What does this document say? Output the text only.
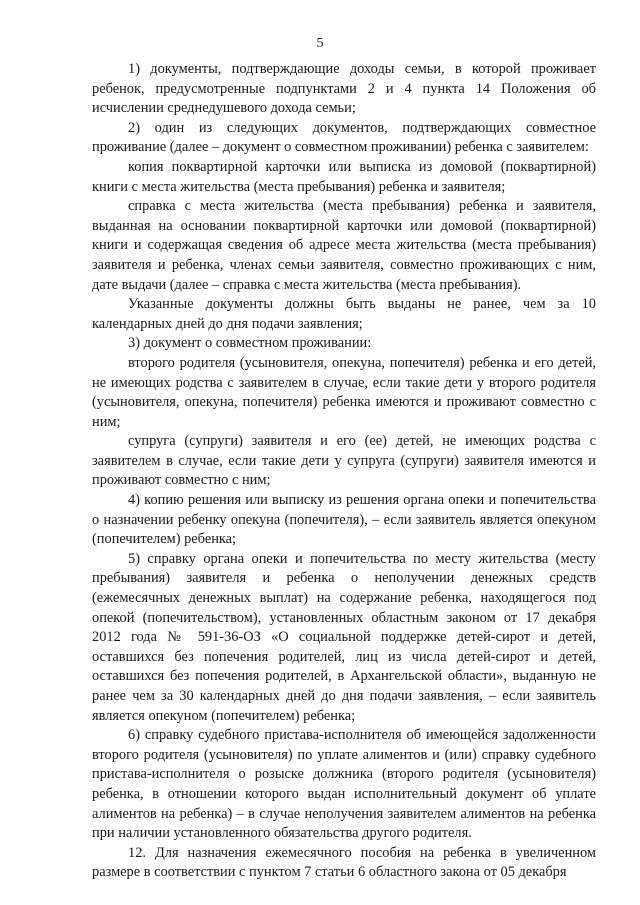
5

1) документы, подтверждающие доходы семьи, в которой проживает ребенок, предусмотренные подпунктами 2 и 4 пункта 14 Положения об исчислении среднедушевого дохода семьи;

2) один из следующих документов, подтверждающих совместное проживание (далее – документ о совместном проживании) ребенка с заявителем:

копия поквартирной карточки или выписка из домовой (поквартирной) книги с места жительства (места пребывания) ребенка и заявителя;

справка с места жительства (места пребывания) ребенка и заявителя, выданная на основании поквартирной карточки или домовой (поквартирной) книги и содержащая сведения об адресе места жительства (места пребывания) заявителя и ребенка, членах семьи заявителя, совместно проживающих с ним, дате выдачи (далее – справка с места жительства (места пребывания).

Указанные документы должны быть выданы не ранее, чем за 10 календарных дней до дня подачи заявления;

3) документ о совместном проживании:

второго родителя (усыновителя, опекуна, попечителя) ребенка и его детей, не имеющих родства с заявителем в случае, если такие дети у второго родителя (усыновителя, опекуна, попечителя) ребенка имеются и проживают совместно с ним;

супруга (супруги) заявителя и его (ее) детей, не имеющих родства с заявителем в случае, если такие дети у супруга (супруги) заявителя имеются и проживают совместно с ним;

4) копию решения или выписку из решения органа опеки и попечительства о назначении ребенку опекуна (попечителя), – если заявитель является опекуном (попечителем) ребенка;

5) справку органа опеки и попечительства по месту жительства (месту пребывания) заявителя и ребенка о неполучении денежных средств (ежемесячных денежных выплат) на содержание ребенка, находящегося под опекой (попечительством), установленных областным законом от 17 декабря 2012 года № 591-36-ОЗ «О социальной поддержке детей-сирот и детей, оставшихся без попечения родителей, лиц из числа детей-сирот и детей, оставшихся без попечения родителей, в Архангельской области», выданную не ранее чем за 30 календарных дней до дня подачи заявления, – если заявитель является опекуном (попечителем) ребенка;

6) справку судебного пристава-исполнителя об имеющейся задолженности второго родителя (усыновителя) по уплате алиментов и (или) справку судебного пристава-исполнителя о розыске должника (второго родителя (усыновителя) ребенка, в отношении которого выдан исполнительный документ об уплате алиментов на ребенка) – в случае неполучения заявителем алиментов на ребенка при наличии установленного обязательства другого родителя.

12. Для назначения ежемесячного пособия на ребенка в увеличенном размере в соответствии с пунктом 7 статьи 6 областного закона от 05 декабря
